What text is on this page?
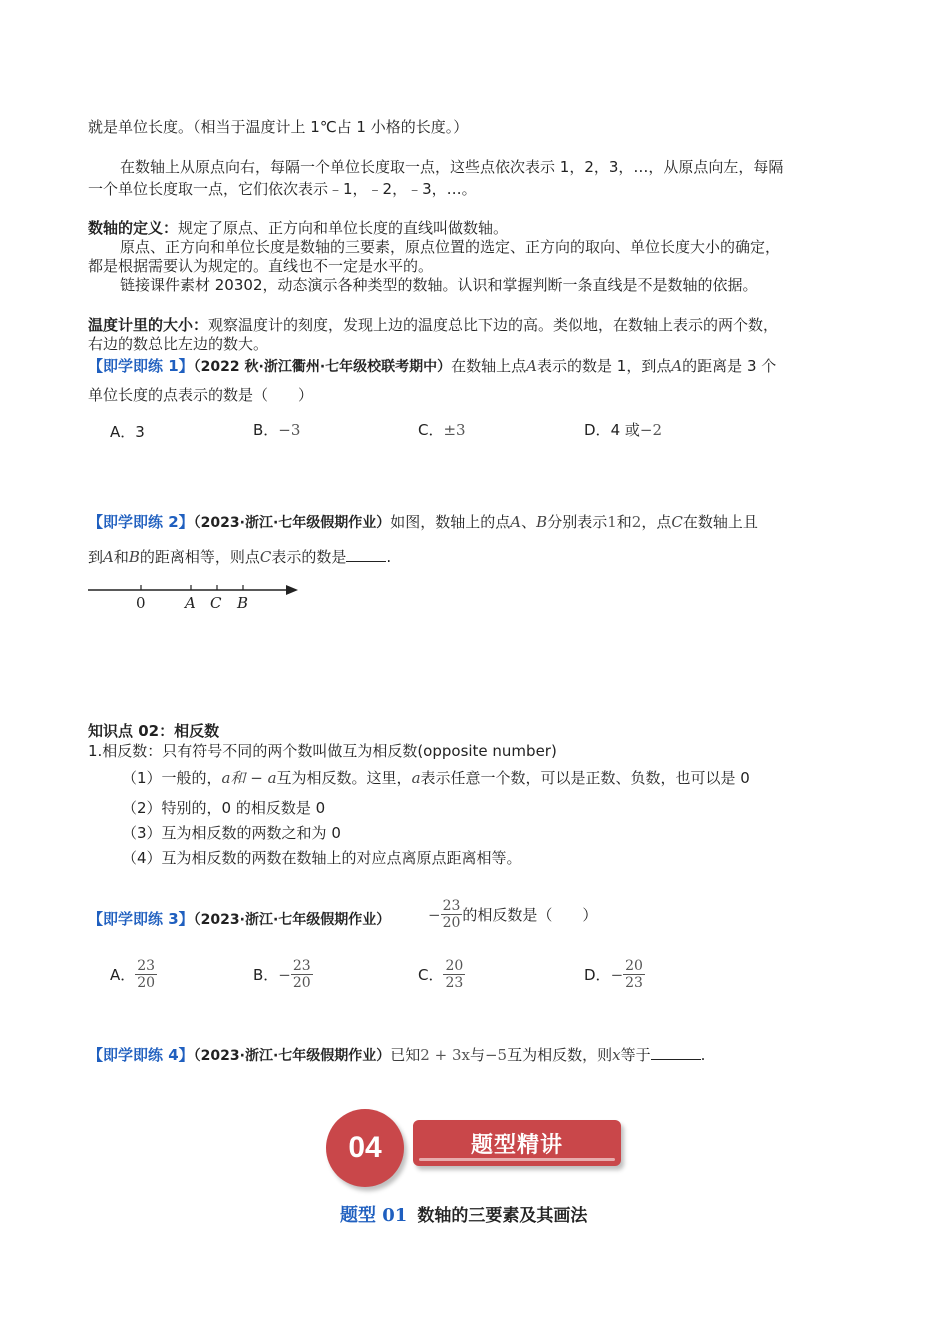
就是单位长度。（相当于温度计上 1℃占 1 小格的长度。）
在数轴上从原点向右，每隔一个单位长度取一点，这些点依次表示 1，2，3，…，从原点向左，每隔
一个单位长度取一点，它们依次表示﹣1，﹣2，﹣3，…。
数轴的定义：规定了原点、正方向和单位长度的直线叫做数轴。
原点、正方向和单位长度是数轴的三要素，原点位置的选定、正方向的取向、单位长度大小的确定，
都是根据需要认为规定的。直线也不一定是水平的。
链接课件素材 20302，动态演示各种类型的数轴。认识和掌握判断一条直线是不是数轴的依据。
温度计里的大小：观察温度计的刻度，发现上边的温度总比下边的高。类似地，在数轴上表示的两个数，
右边的数总比左边的数大。
【即学即练 1】（2022 秋·浙江衢州·七年级校联考期中）在数轴上点A表示的数是 1，到点A的距离是 3 个
单位长度的点表示的数是（　　）
A．3	B．−3	C．±3	D．4 或−2
【即学即练 2】（2023·浙江·七年级假期作业）如图，数轴上的点A、B分别表示1和2，点C在数轴上且
到A和B的距离相等，则点C表示的数是	.
0	A C B
知识点 02：相反数
1.相反数：只有符号不同的两个数叫做互为相反数(opposite number)
（1）一般的，a和 − a互为相反数。这里，a表示任意一个数，可以是正数、负数，也可以是 0
（2）特别的，0 的相反数是 0
（3）互为相反数的两数之和为 0
（4）互为相反数的两数在数轴上的对应点离原点距离相等。
【即学即练 3】（2023·浙江·七年级假期作业）	− $\frac{23}{20}$ 的相反数是（　　）
A． $\frac{23}{20}$	B． − $\frac{23}{20}$	C． $\frac{20}{23}$	D． − $\frac{20}{23}$
【即学即练 4】（2023·浙江·七年级假期作业）已知2 + 3x与−5互为相反数，则x等于	.
04	题型精讲
题型 01 数轴的三要素及其画法
